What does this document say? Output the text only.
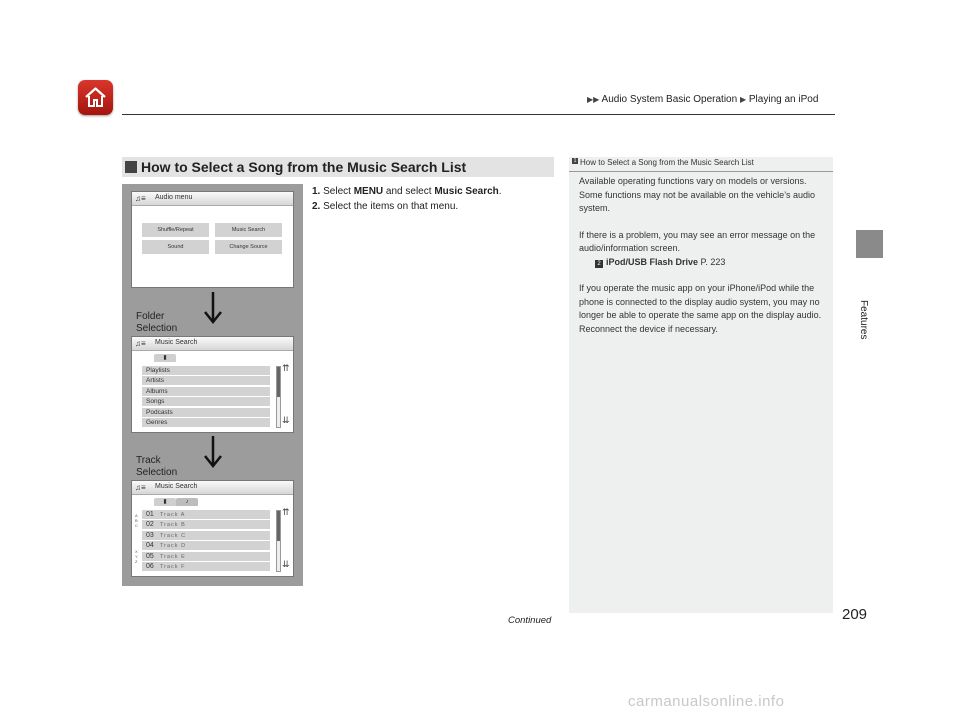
▶▶ Audio System Basic Operation ▶ Playing an iPod
Features
How to Select a Song from the Music Search List
♫≡ Audio menu
Shuffle/Repeat	Music Search
Sound	Change Source
Folder
Selection
♫≡ Music Search
▮
Playlists
Artists
Albums
Songs
Podcasts
Genres
⇈
⇊
Track
Selection
♫≡ Music Search
▮	♪
A B C
X Y Z
01 Track A
02 Track B
03 Track C
04 Track D
05 Track E
06 Track F
⇈
⇊
1. Select MENU and select Music Search.
2. Select the items on that menu.
1 How to Select a Song from the Music Search List

Available operating functions vary on models or versions. Some functions may not be available on the vehicle’s audio system.

If there is a problem, you may see an error message on the audio/information screen.

2 iPod/USB Flash Drive P. 223

If you operate the music app on your iPhone/iPod while the phone is connected to the display audio system, you may no longer be able to operate the same app on the display audio. Reconnect the device if necessary.

Continued	209
carmanualsonline.info
